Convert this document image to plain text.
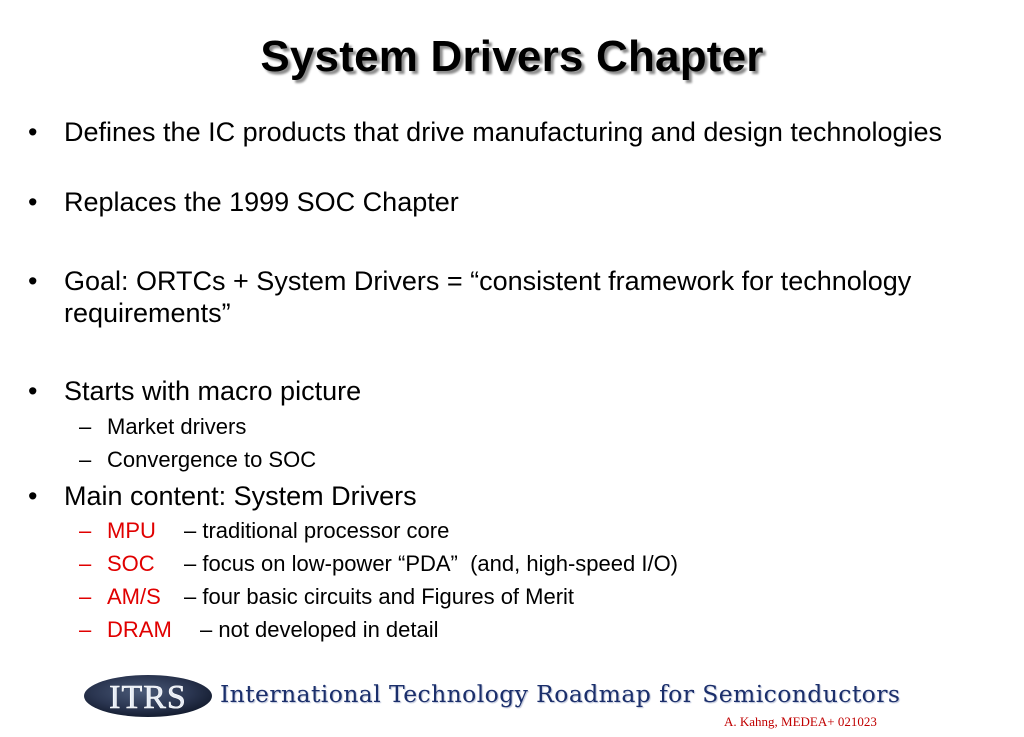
System Drivers Chapter
• Defines the IC products that drive manufacturing and design technologies
• Replaces the 1999 SOC Chapter
• Goal: ORTCs + System Drivers = “consistent framework for technology requirements”
• Starts with macro picture
– Market drivers
– Convergence to SOC
• Main content: System Drivers
– MPU – traditional processor core
– SOC – focus on low-power “PDA”  (and, high-speed I/O)
– AM/S – four basic circuits and Figures of Merit
– DRAM – not developed in detail
ITRS International Technology Roadmap for Semiconductors
A. Kahng, MEDEA+ 021023
